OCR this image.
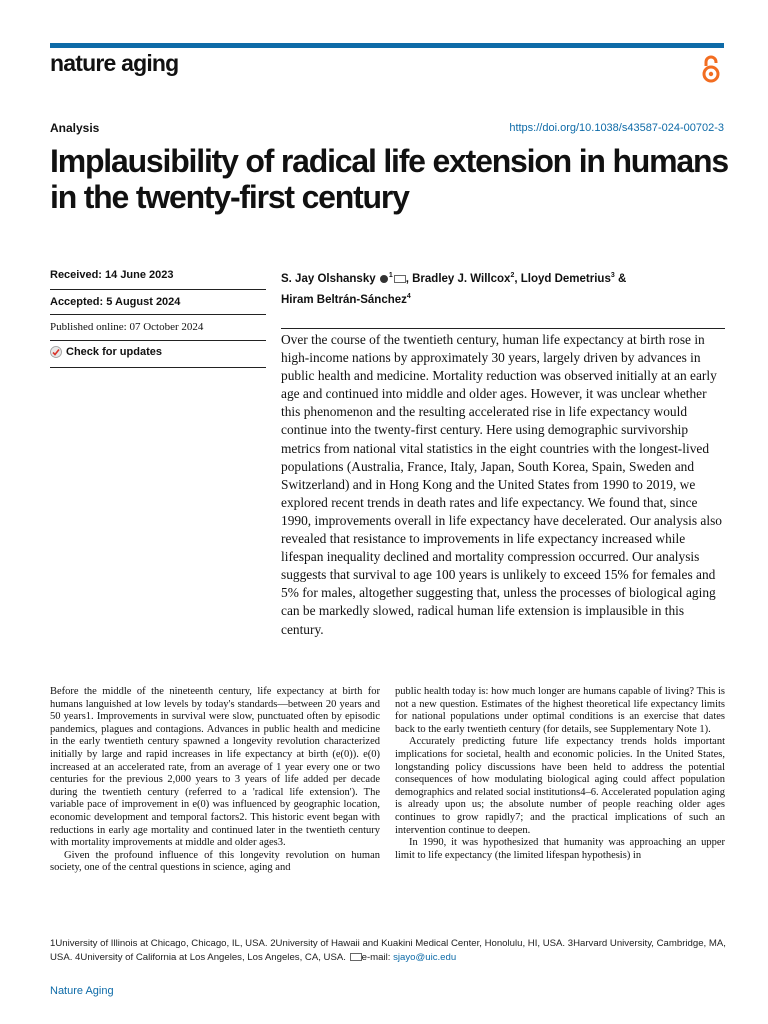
nature aging
Analysis	https://doi.org/10.1038/s43587-024-00702-3
Implausibility of radical life extension in humans in the twenty-first century
Received: 14 June 2023
Accepted: 5 August 2024
Published online: 07 October 2024
Check for updates
S. Jay Olshansky $^1$ , Bradley J. Willcox$^2$, Lloyd Demetrius$^3$ &
Hiram Beltrán-Sánchez$^4$

Over the course of the twentieth century, human life expectancy at birth rose in high-income nations by approximately 30 years, largely driven by advances in public health and medicine. Mortality reduction was observed initially at an early age and continued into middle and older ages. However, it was unclear whether this phenomenon and the resulting accelerated rise in life expectancy would continue into the twenty-first century. Here using demographic survivorship metrics from national vital statistics in the eight countries with the longest-lived populations (Australia, France, Italy, Japan, South Korea, Spain, Sweden and Switzerland) and in Hong Kong and the United States from 1990 to 2019, we explored recent trends in death rates and life expectancy. We found that, since 1990, improvements overall in life expectancy have decelerated. Our analysis also revealed that resistance to improvements in life expectancy increased while lifespan inequality declined and mortality compression occurred. Our analysis suggests that survival to age 100 years is unlikely to exceed 15% for females and 5% for males, altogether suggesting that, unless the processes of biological aging can be markedly slowed, radical human life extension is implausible in this century.

Before the middle of the nineteenth century, life expectancy at birth for humans languished at low levels by today's standards—between 20 years and 50 years1. Improvements in survival were slow, punctuated often by episodic pandemics, plagues and contagions. Advances in public health and medicine in the early twentieth century spawned a longevity revolution characterized initially by large and rapid increases in life expectancy at birth (e(0)). e(0) increased at an accelerated rate, from an average of 1 year every one or two centuries for the previous 2,000 years to 3 years of life added per decade during the twentieth century (referred to a 'radical life extension'). The variable pace of improvement in e(0) was influenced by geographic location, economic development and temporal factors2. This historic event began with reductions in early age mortality and continued later in the twentieth century with mortality improvements at middle and older ages3.

Given the profound influence of this longevity revolution on human society, one of the central questions in science, aging and

public health today is: how much longer are humans capable of living? This is not a new question. Estimates of the highest theoretical life expectancy limits for national populations under optimal conditions is an exercise that dates back to the early twentieth century (for details, see Supplementary Note 1).

Accurately predicting future life expectancy trends holds important implications for societal, health and economic policies. In the United States, longstanding policy discussions have been held to address the potential consequences of how modulating biological aging could affect population demographics and related social institutions4–6. Accelerated population aging is already upon us; the absolute number of people reaching older ages continues to grow rapidly7; and the practical implications of such an intervention continue to deepen.

In 1990, it was hypothesized that humanity was approaching an upper limit to life expectancy (the limited lifespan hypothesis) in

1University of Illinois at Chicago, Chicago, IL, USA. 2University of Hawaii and Kuakini Medical Center, Honolulu, HI, USA. 3Harvard University, Cambridge, MA, USA. 4University of California at Los Angeles, Los Angeles, CA, USA. e-mail: sjayo@uic.edu

Nature Aging
